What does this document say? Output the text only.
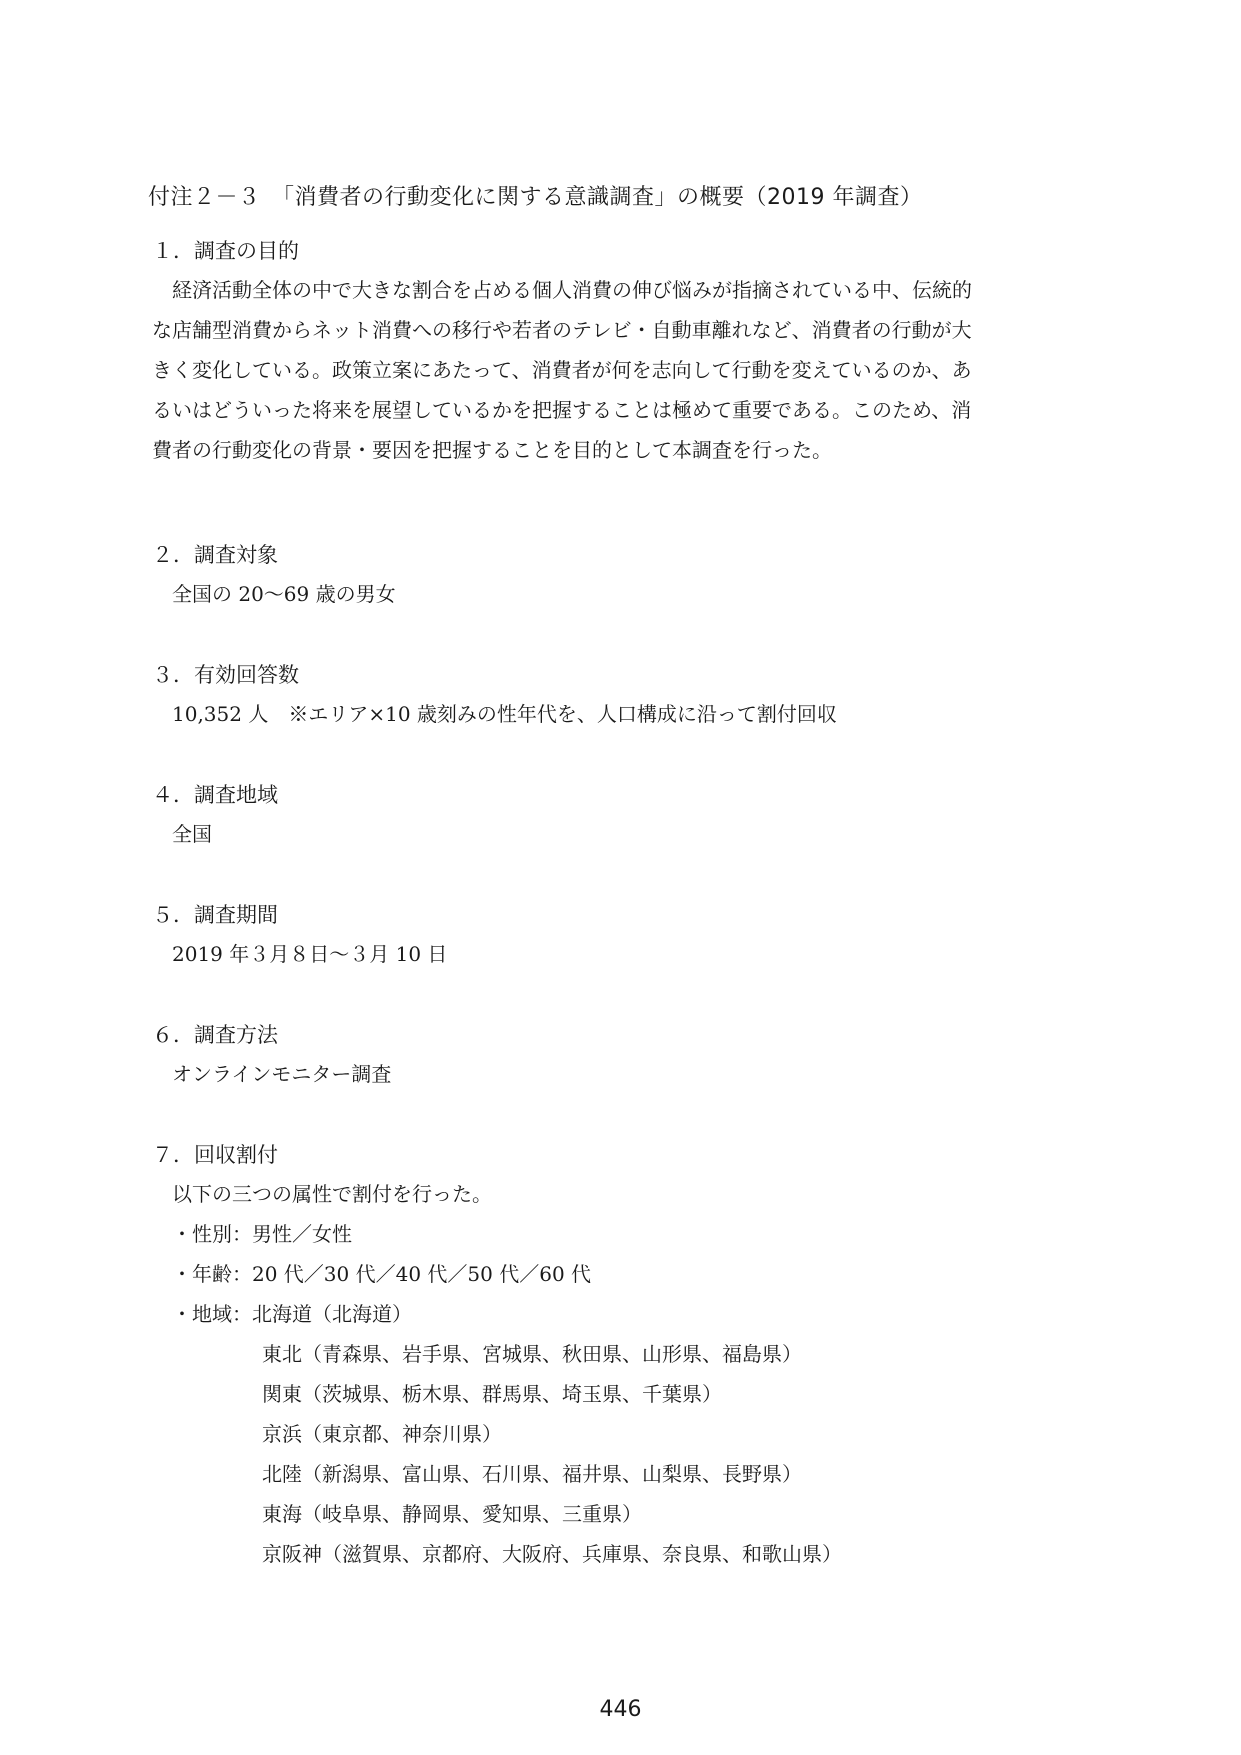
付注２－３　「消費者の行動変化に関する意識調査」の概要（2019 年調査）
１．調査の目的

経済活動全体の中で大きな割合を占める個人消費の伸び悩みが指摘されている中、伝統的
な店舗型消費からネット消費への移行や若者のテレビ・自動車離れなど、消費者の行動が大
きく変化している。政策立案にあたって、消費者が何を志向して行動を変えているのか、あ
るいはどういった将来を展望しているかを把握することは極めて重要である。このため、消
費者の行動変化の背景・要因を把握することを目的として本調査を行った。

２．調査対象
全国の 20～69 歳の男女
３．有効回答数
10,352 人　※エリア×10 歳刻みの性年代を、人口構成に沿って割付回収
４．調査地域
全国
５．調査期間
2019 年３月８日～３月 10 日
６．調査方法
オンラインモニター調査
７．回収割付
以下の三つの属性で割付を行った。
・性別：男性／女性
・年齢：20 代／30 代／40 代／50 代／60 代
・地域：北海道（北海道）
東北（青森県、岩手県、宮城県、秋田県、山形県、福島県）
関東（茨城県、栃木県、群馬県、埼玉県、千葉県）
京浜（東京都、神奈川県）
北陸（新潟県、富山県、石川県、福井県、山梨県、長野県）
東海（岐阜県、静岡県、愛知県、三重県）
京阪神（滋賀県、京都府、大阪府、兵庫県、奈良県、和歌山県）
446
